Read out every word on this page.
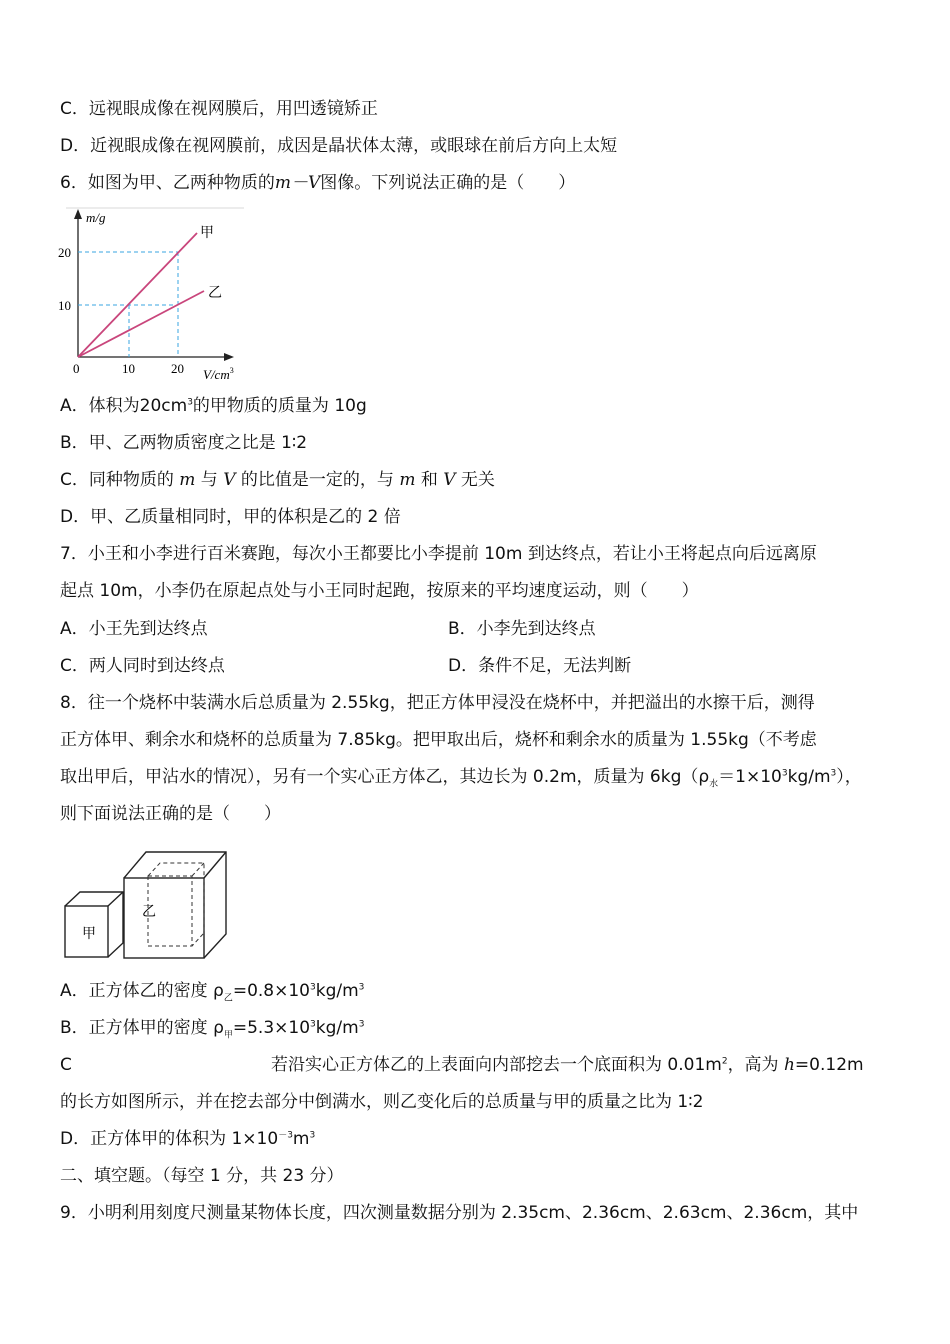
C．远视眼成像在视网膜后，用凹透镜矫正
D．近视眼成像在视网膜前，成因是晶状体太薄，或眼球在前后方向上太短
6．如图为甲、乙两种物质的m－V图像。下列说法正确的是（　　）
m/g
20
10
0	10	20 $V/cm^3$
甲
乙
A．体积为$20cm^3$的甲物质的质量为 10g
B．甲、乙两物质密度之比是 1∶2
C．同种物质的 m 与 V 的比值是一定的，与 m 和 V 无关
D．甲、乙质量相同时，甲的体积是乙的 2 倍
7．小王和小李进行百米赛跑，每次小王都要比小李提前 10m 到达终点，若让小王将起点向后远离原
起点 10m，小李仍在原起点处与小王同时起跑，按原来的平均速度运动，则（　　）
A．小王先到达终点	B．小李先到达终点
C．两人同时到达终点	D．条件不足，无法判断
8．往一个烧杯中装满水后总质量为 2.55kg，把正方体甲浸没在烧杯中，并把溢出的水擦干后，测得
正方体甲、剩余水和烧杯的总质量为 7.85kg。把甲取出后，烧杯和剩余水的质量为 1.55kg（不考虑
取出甲后，甲沾水的情况），另有一个实心正方体乙，其边长为 0.2m，质量为 $6kg(\rho_水=1\times 10^3kg/m^3)$，
则下面说法正确的是（　　）
甲
乙
A．正方体乙的密度 $\rho_乙=0.8\times 10^3kg/m^3$
B．正方体甲的密度 $\rho_甲=5.3\times 10^3kg/m^3$
C	若沿实心正方体乙的上表面向内部挖去一个底面积为 $0.01m^2$，高为 h=0.12m
的长方如图所示，并在挖去部分中倒满水，则乙变化后的总质量与甲的质量之比为 1∶2
D．正方体甲的体积为 $1\times 10^{-3}m^3$
二、填空题。（每空 1 分，共 23 分）
9．小明利用刻度尺测量某物体长度，四次测量数据分别为 2.35cm、2.36cm、2.63cm、2.36cm，其中
